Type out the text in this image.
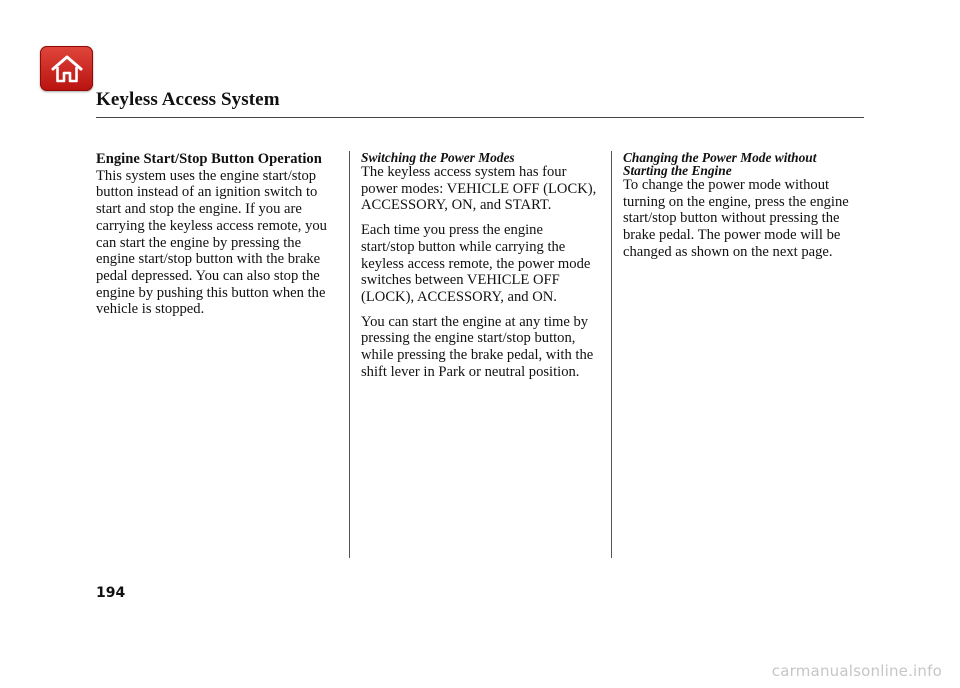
Keyless Access System

Engine Start/Stop Button Operation

This system uses the engine start/stop button instead of an ignition switch to start and stop the engine. If you are carrying the keyless access remote, you can start the engine by pressing the engine start/stop button with the brake pedal depressed. You can also stop the engine by pushing this button when the vehicle is stopped.

Switching the Power Modes

The keyless access system has four power modes: VEHICLE OFF (LOCK), ACCESSORY, ON, and START.

Each time you press the engine start/stop button while carrying the keyless access remote, the power mode switches between VEHICLE OFF (LOCK), ACCESSORY, and ON.

You can start the engine at any time by pressing the engine start/stop button, while pressing the brake pedal, with the shift lever in Park or neutral position.

Changing the Power Mode without Starting the Engine

To change the power mode without turning on the engine, press the engine start/stop button without pressing the brake pedal. The power mode will be changed as shown on the next page.

194

carmanualsonline.info
